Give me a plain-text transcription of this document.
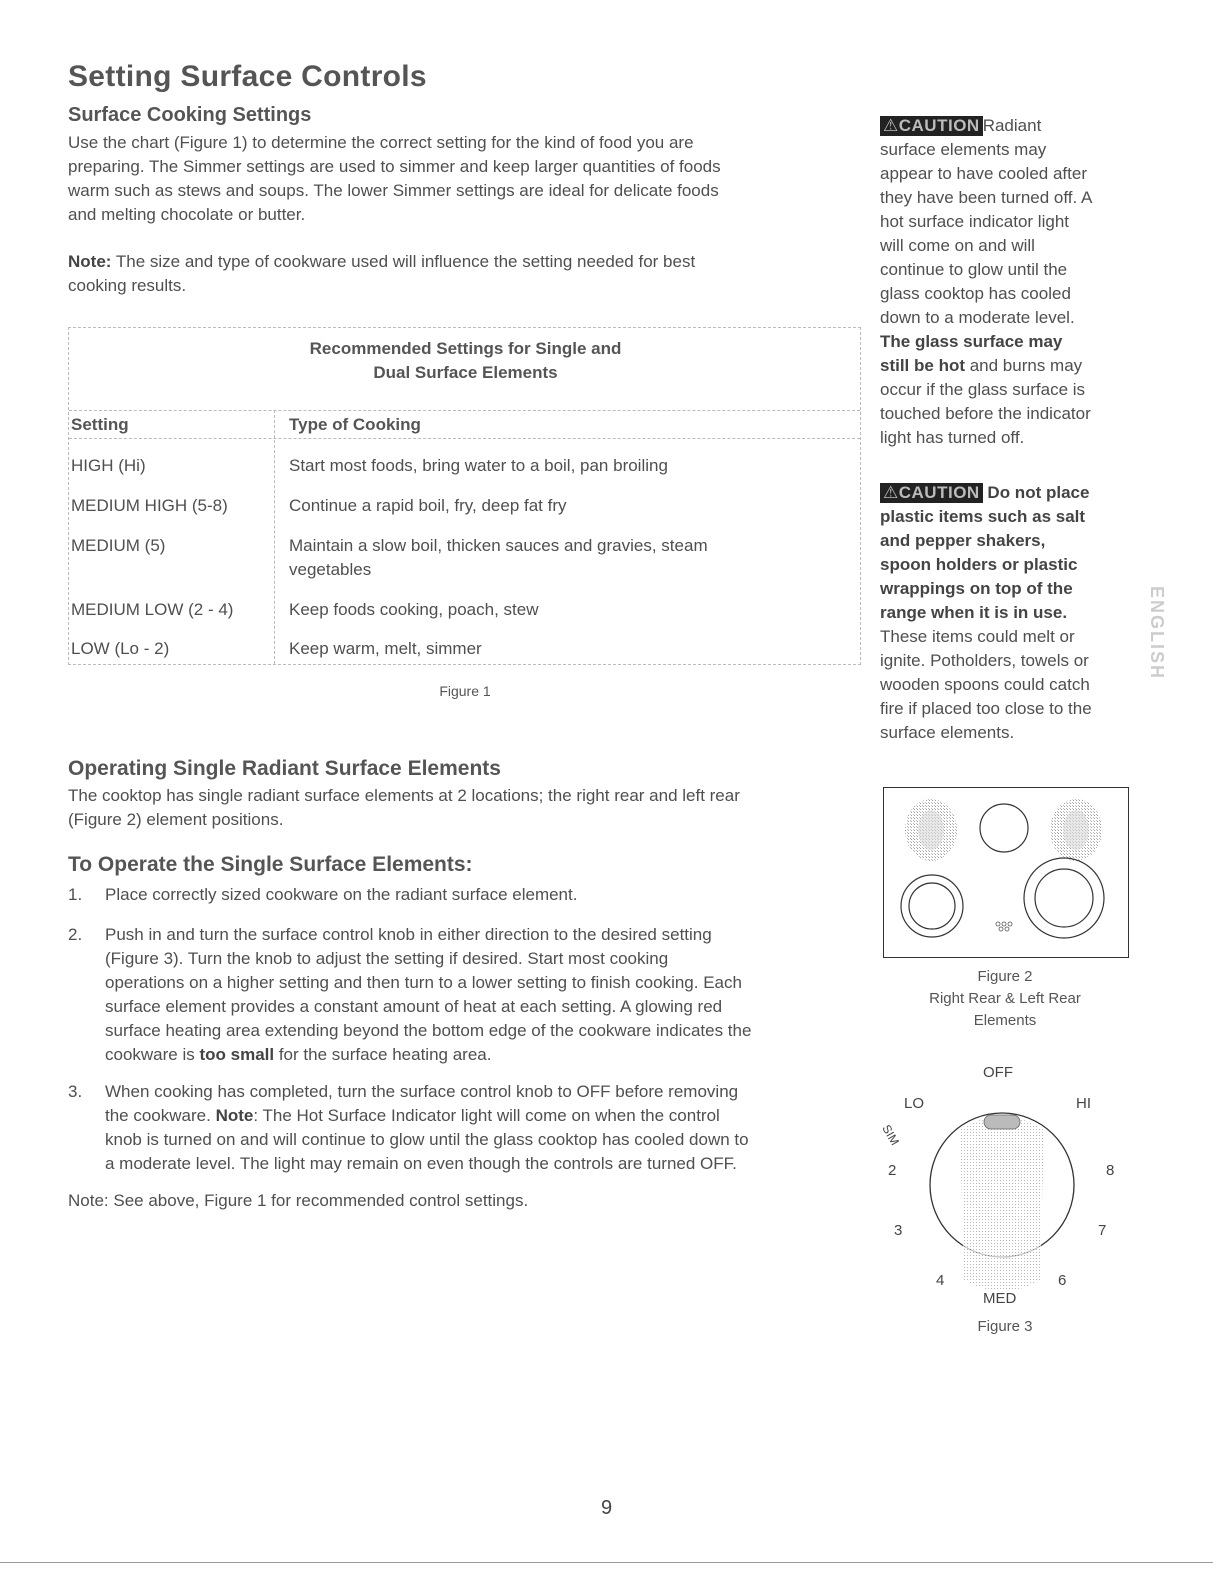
Setting Surface Controls
Surface Cooking Settings
Use the chart (Figure 1) to determine the correct setting for the kind of food you are
preparing. The Simmer settings are used to simmer and keep larger quantities of foods
warm such as stews and soups. The lower Simmer settings are ideal for delicate foods
and melting chocolate or butter.
Note: The size and type of cookware used will influence the setting needed for best
cooking results.
Recommended Settings for Single and
Dual Surface Elements
Setting	Type of Cooking
HIGH (Hi)	Start most foods, bring water to a boil, pan broiling
MEDIUM HIGH (5-8)	Continue a rapid boil, fry, deep fat fry
MEDIUM (5)	Maintain a slow boil, thicken sauces and gravies, steam
vegetables
MEDIUM LOW (2 - 4)	Keep foods cooking, poach, stew
LOW (Lo - 2)	Keep warm, melt, simmer
Figure 1
Operating Single Radiant Surface Elements
The cooktop has single radiant surface elements at 2 locations; the right rear and left rear
(Figure 2) element positions.
To Operate the Single Surface Elements:
1. Place correctly sized cookware on the radiant surface element.
2. Push in and turn the surface control knob in either direction to the desired setting
(Figure 3). Turn the knob to adjust the setting if desired. Start most cooking
operations on a higher setting and then turn to a lower setting to finish cooking. Each
surface element provides a constant amount of heat at each setting. A glowing red
surface heating area extending beyond the bottom edge of the cookware indicates the
cookware is too small for the surface heating area.
3. When cooking has completed, turn the surface control knob to OFF before removing
the cookware. Note: The Hot Surface Indicator light will come on when the control
knob is turned on and will continue to glow until the glass cooktop has cooled down to
a moderate level. The light may remain on even though the controls are turned OFF.
Note: See above, Figure 1 for recommended control settings.
⚠CAUTION Radiant
surface elements may
appear to have cooled after
they have been turned off. A
hot surface indicator light
will come on and will
continue to glow until the
glass cooktop has cooled
down to a moderate level.
The glass surface may
still be hot and burns may
occur if the glass surface is
touched before the indicator
light has turned off.
⚠CAUTION Do not place
plastic items such as salt
and pepper shakers,
spoon holders or plastic
wrappings on top of the
range when it is in use.
These items could melt or
ignite. Potholders, towels or
wooden spoons could catch
fire if placed too close to the
surface elements.
ENGLISH
Figure 2
Right Rear & Left Rear
Elements
OFF
LO	HI
SIM
2
3
4	6
7
8
MED
Figure 3
9
